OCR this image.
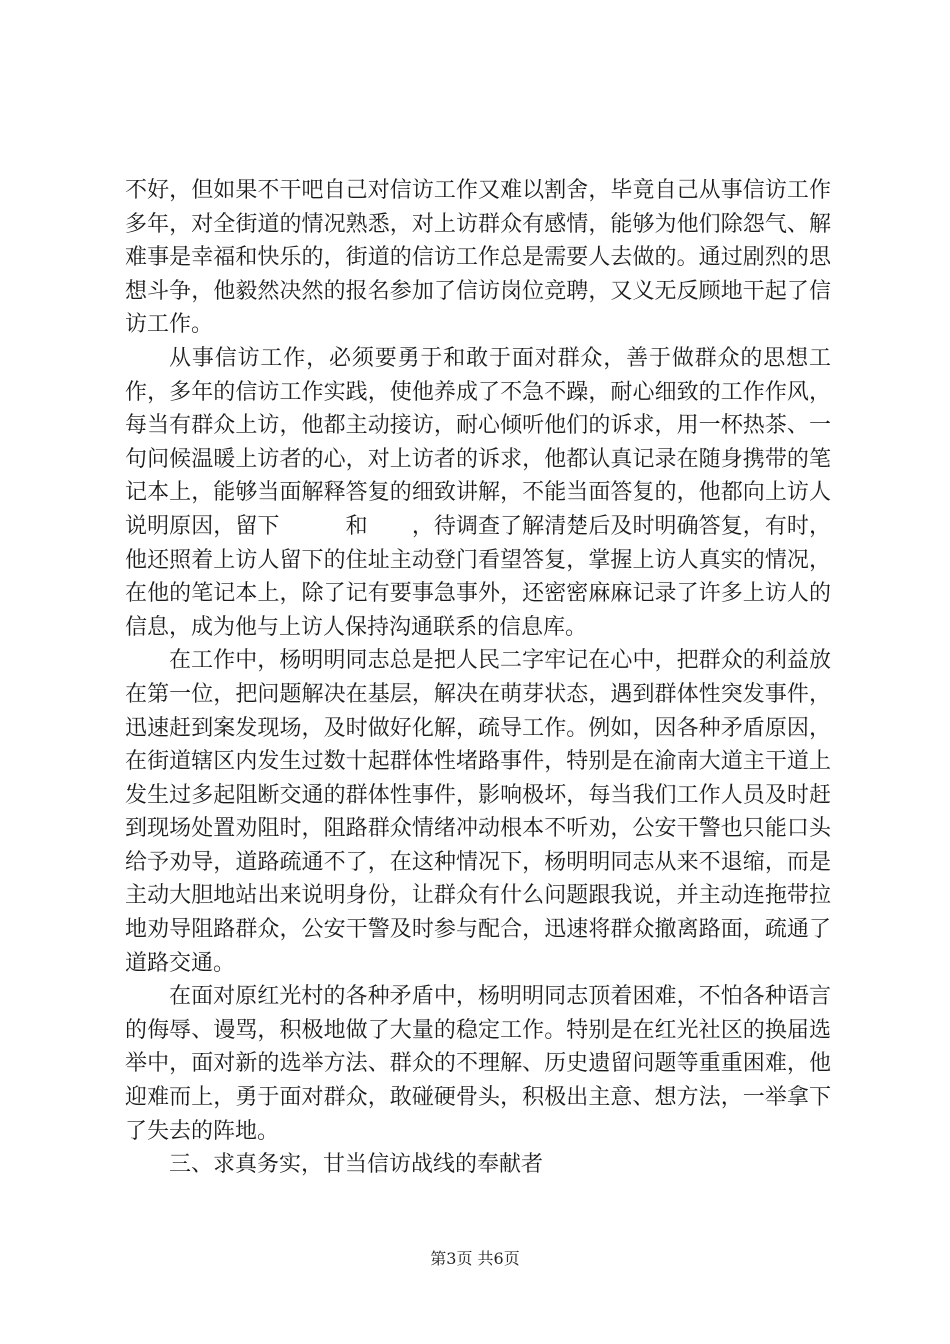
不好，但如果不干吧自己对信访工作又难以割舍，毕竟自己从事信访工作多年，对全街道的情况熟悉，对上访群众有感情，能够为他们除怨气、解难事是幸福和快乐的，街道的信访工作总是需要人去做的。通过剧烈的思想斗争，他毅然决然的报名参加了信访岗位竞聘，又义无反顾地干起了信访工作。

从事信访工作，必须要勇于和敢于面对群众，善于做群众的思想工作，多年的信访工作实践，使他养成了不急不躁，耐心细致的工作作风，每当有群众上访，他都主动接访，耐心倾听他们的诉求，用一杯热茶、一句问候温暖上访者的心，对上访者的诉求，他都认真记录在随身携带的笔记本上，能够当面解释答复的细致讲解，不能当面答复的，他都向上访人说明原因，留下　　　和　　，待调查了解清楚后及时明确答复，有时，他还照着上访人留下的住址主动登门看望答复，掌握上访人真实的情况，在他的笔记本上，除了记有要事急事外，还密密麻麻记录了许多上访人的信息，成为他与上访人保持沟通联系的信息库。

在工作中，杨明明同志总是把人民二字牢记在心中，把群众的利益放在第一位，把问题解决在基层，解决在萌芽状态，遇到群体性突发事件，迅速赶到案发现场，及时做好化解，疏导工作。例如，因各种矛盾原因，在街道辖区内发生过数十起群体性堵路事件，特别是在渝南大道主干道上发生过多起阻断交通的群体性事件，影响极坏，每当我们工作人员及时赶到现场处置劝阻时，阻路群众情绪冲动根本不听劝，公安干警也只能口头给予劝导，道路疏通不了，在这种情况下，杨明明同志从来不退缩，而是主动大胆地站出来说明身份，让群众有什么问题跟我说，并主动连拖带拉地劝导阻路群众，公安干警及时参与配合，迅速将群众撤离路面，疏通了道路交通。

在面对原红光村的各种矛盾中，杨明明同志顶着困难，不怕各种语言的侮辱、谩骂，积极地做了大量的稳定工作。特别是在红光社区的换届选举中，面对新的选举方法、群众的不理解、历史遗留问题等重重困难，他迎难而上，勇于面对群众，敢碰硬骨头，积极出主意、想方法，一举拿下了失去的阵地。

三、求真务实，甘当信访战线的奉献者

第3页 共6页
